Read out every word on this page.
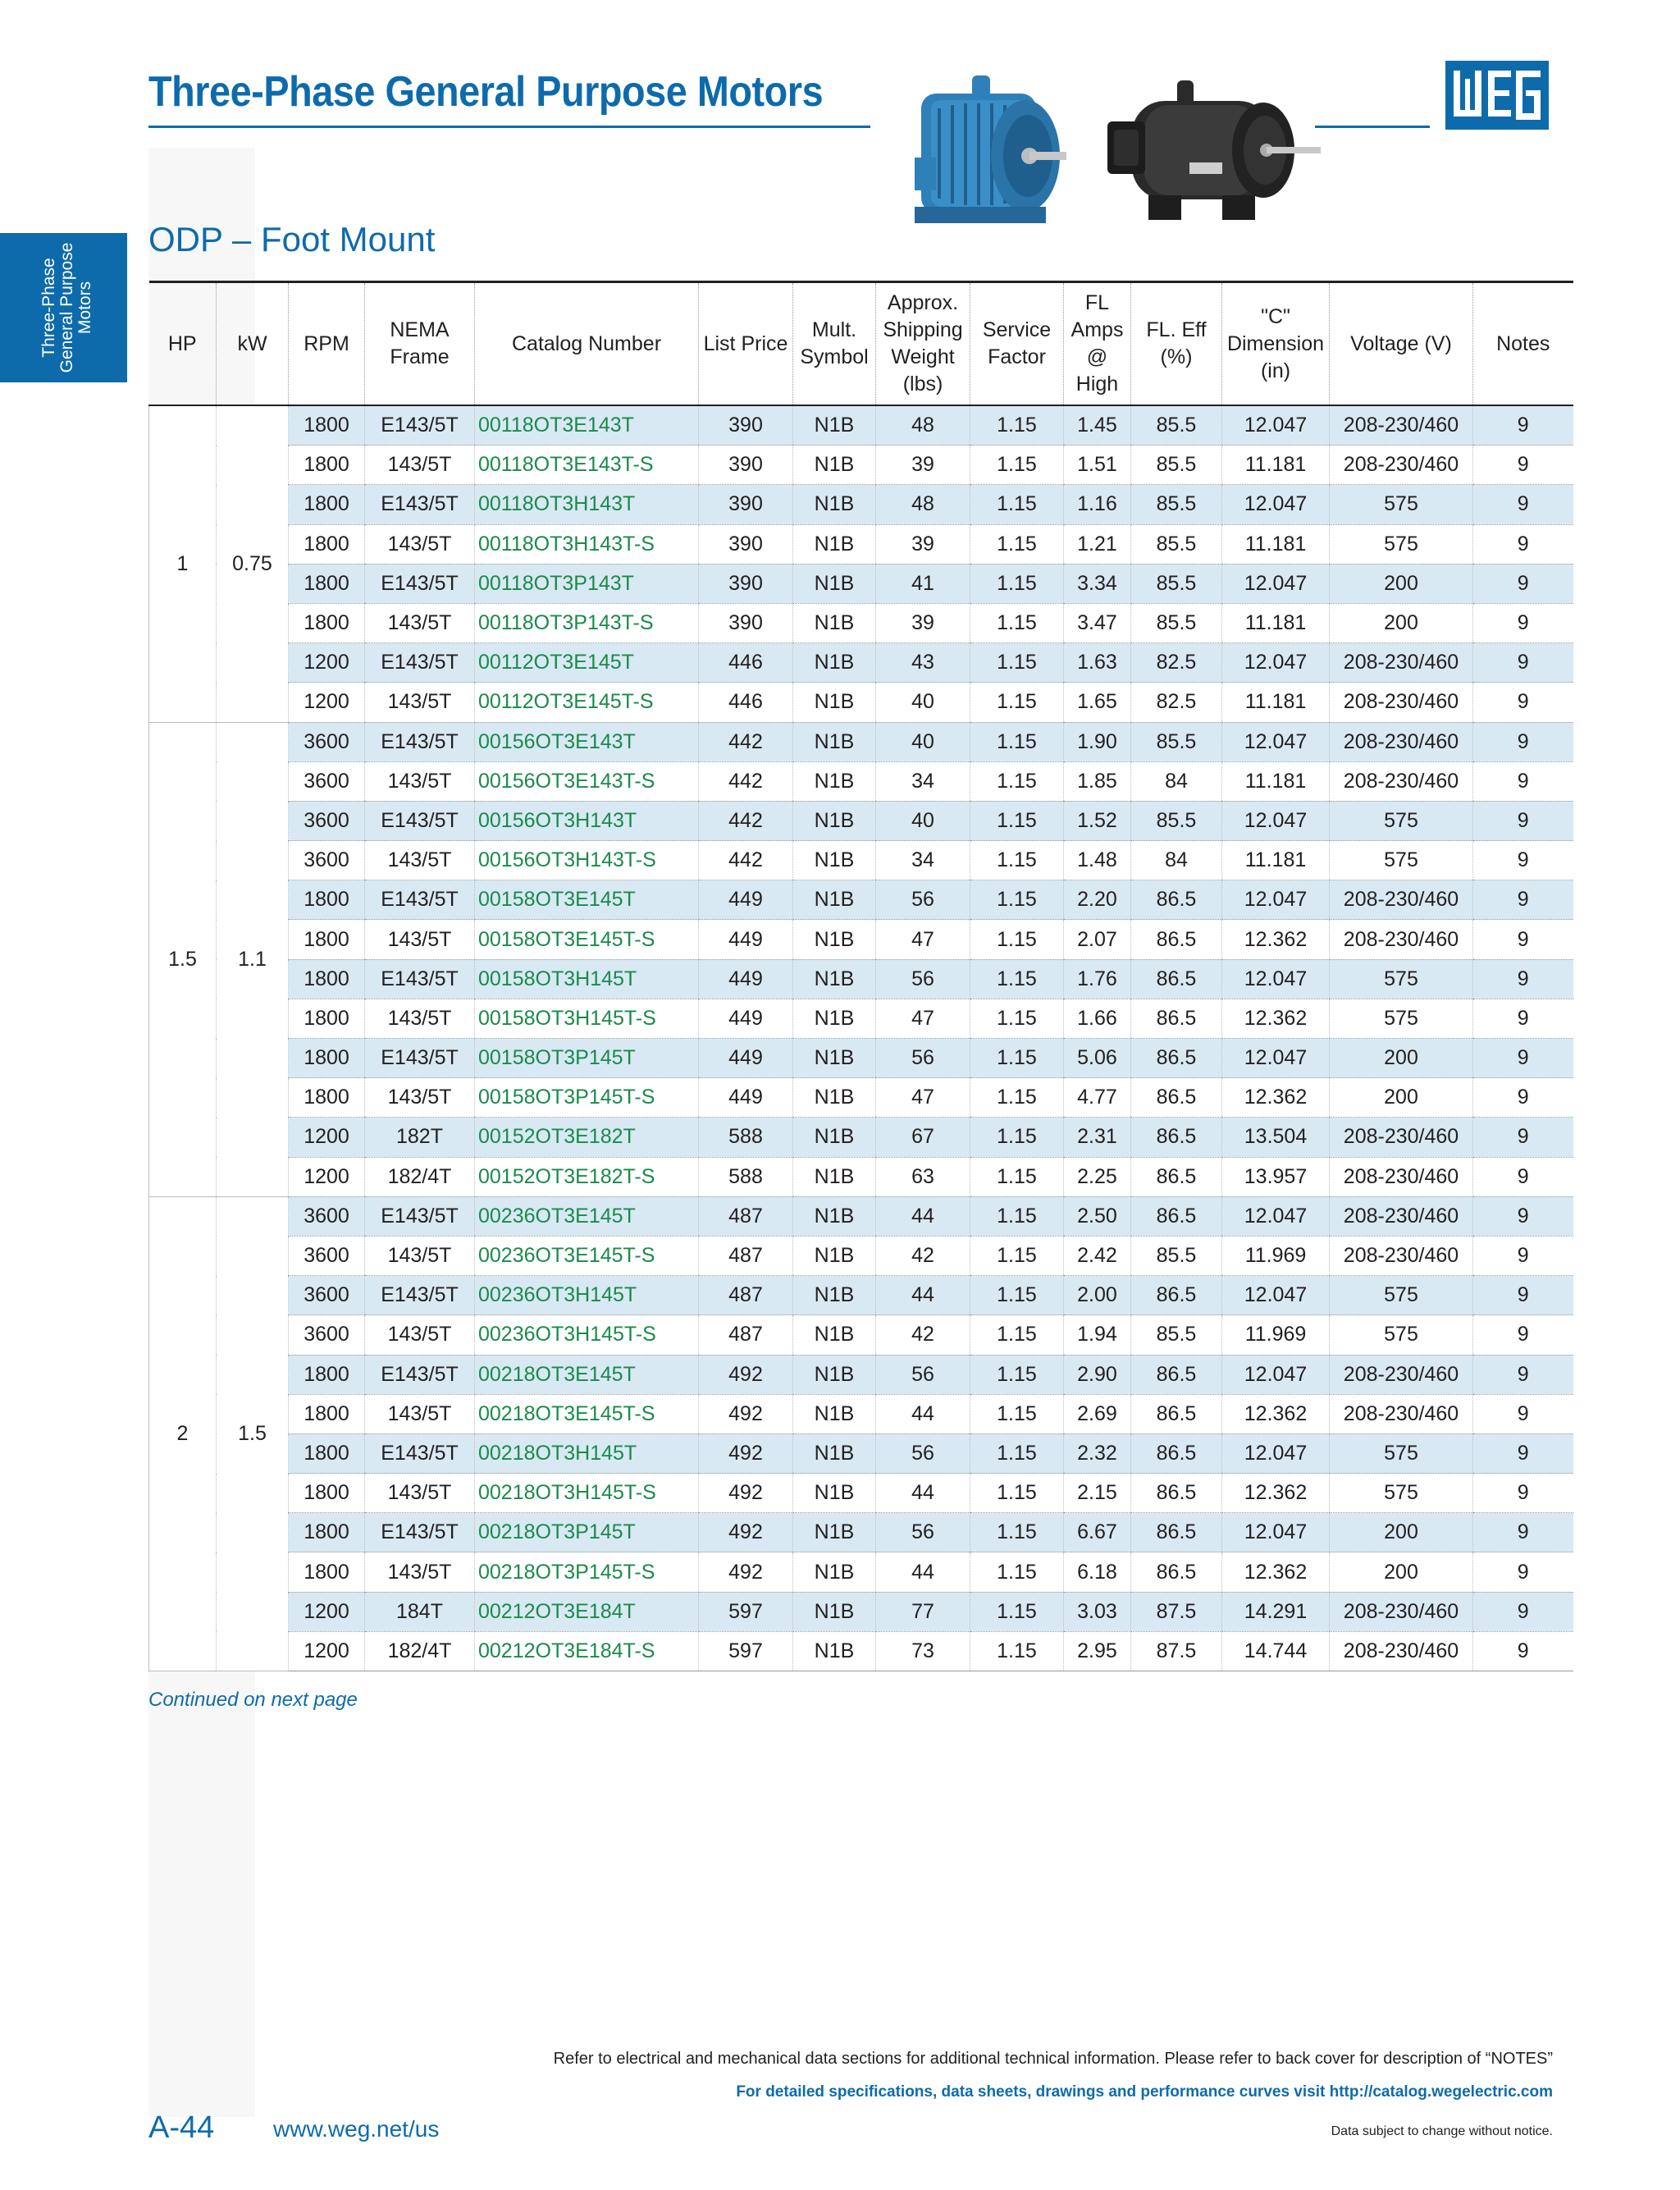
Three-Phase General Purpose Motors
Three-Phase General Purpose Motors
ODP – Foot Mount
HP	kW	RPM	NEMA Frame	Catalog Number	List Price	Mult. Symbol	Approx. Shipping Weight (lbs)	Service Factor	FL Amps @ High	FL. Eff (%)	"C" Dimension (in)	Voltage (V)	Notes
1	0.75	1800	E143/5T	00118OT3E143T	390	N1B	48	1.15	1.45	85.5	12.047	208-230/460	9
		1800	143/5T	00118OT3E143T-S	390	N1B	39	1.15	1.51	85.5	11.181	208-230/460	9
		1800	E143/5T	00118OT3H143T	390	N1B	48	1.15	1.16	85.5	12.047	575	9
		1800	143/5T	00118OT3H143T-S	390	N1B	39	1.15	1.21	85.5	11.181	575	9
		1800	E143/5T	00118OT3P143T	390	N1B	41	1.15	3.34	85.5	12.047	200	9
		1800	143/5T	00118OT3P143T-S	390	N1B	39	1.15	3.47	85.5	11.181	200	9
		1200	E143/5T	00112OT3E145T	446	N1B	43	1.15	1.63	82.5	12.047	208-230/460	9
		1200	143/5T	00112OT3E145T-S	446	N1B	40	1.15	1.65	82.5	11.181	208-230/460	9
1.5	1.1	3600	E143/5T	00156OT3E143T	442	N1B	40	1.15	1.90	85.5	12.047	208-230/460	9
		3600	143/5T	00156OT3E143T-S	442	N1B	34	1.15	1.85	84	11.181	208-230/460	9
		3600	E143/5T	00156OT3H143T	442	N1B	40	1.15	1.52	85.5	12.047	575	9
		3600	143/5T	00156OT3H143T-S	442	N1B	34	1.15	1.48	84	11.181	575	9
		1800	E143/5T	00158OT3E145T	449	N1B	56	1.15	2.20	86.5	12.047	208-230/460	9
		1800	143/5T	00158OT3E145T-S	449	N1B	47	1.15	2.07	86.5	12.362	208-230/460	9
		1800	E143/5T	00158OT3H145T	449	N1B	56	1.15	1.76	86.5	12.047	575	9
		1800	143/5T	00158OT3H145T-S	449	N1B	47	1.15	1.66	86.5	12.362	575	9
		1800	E143/5T	00158OT3P145T	449	N1B	56	1.15	5.06	86.5	12.047	200	9
		1800	143/5T	00158OT3P145T-S	449	N1B	47	1.15	4.77	86.5	12.362	200	9
		1200	182T	00152OT3E182T	588	N1B	67	1.15	2.31	86.5	13.504	208-230/460	9
		1200	182/4T	00152OT3E182T-S	588	N1B	63	1.15	2.25	86.5	13.957	208-230/460	9
2	1.5	3600	E143/5T	00236OT3E145T	487	N1B	44	1.15	2.50	86.5	12.047	208-230/460	9
		3600	143/5T	00236OT3E145T-S	487	N1B	42	1.15	2.42	85.5	11.969	208-230/460	9
		3600	E143/5T	00236OT3H145T	487	N1B	44	1.15	2.00	86.5	12.047	575	9
		3600	143/5T	00236OT3H145T-S	487	N1B	42	1.15	1.94	85.5	11.969	575	9
		1800	E143/5T	00218OT3E145T	492	N1B	56	1.15	2.90	86.5	12.047	208-230/460	9
		1800	143/5T	00218OT3E145T-S	492	N1B	44	1.15	2.69	86.5	12.362	208-230/460	9
		1800	E143/5T	00218OT3H145T	492	N1B	56	1.15	2.32	86.5	12.047	575	9
		1800	143/5T	00218OT3H145T-S	492	N1B	44	1.15	2.15	86.5	12.362	575	9
		1800	E143/5T	00218OT3P145T	492	N1B	56	1.15	6.67	86.5	12.047	200	9
		1800	143/5T	00218OT3P145T-S	492	N1B	44	1.15	6.18	86.5	12.362	200	9
		1200	184T	00212OT3E184T	597	N1B	77	1.15	3.03	87.5	14.291	208-230/460	9
		1200	182/4T	00212OT3E184T-S	597	N1B	73	1.15	2.95	87.5	14.744	208-230/460	9
Continued on next page
Refer to electrical and mechanical data sections for additional technical information. Please refer to back cover for description of “NOTES”
For detailed specifications, data sheets, drawings and performance curves visit http://catalog.wegelectric.com
A-44	www.weg.net/us	Data subject to change without notice.
